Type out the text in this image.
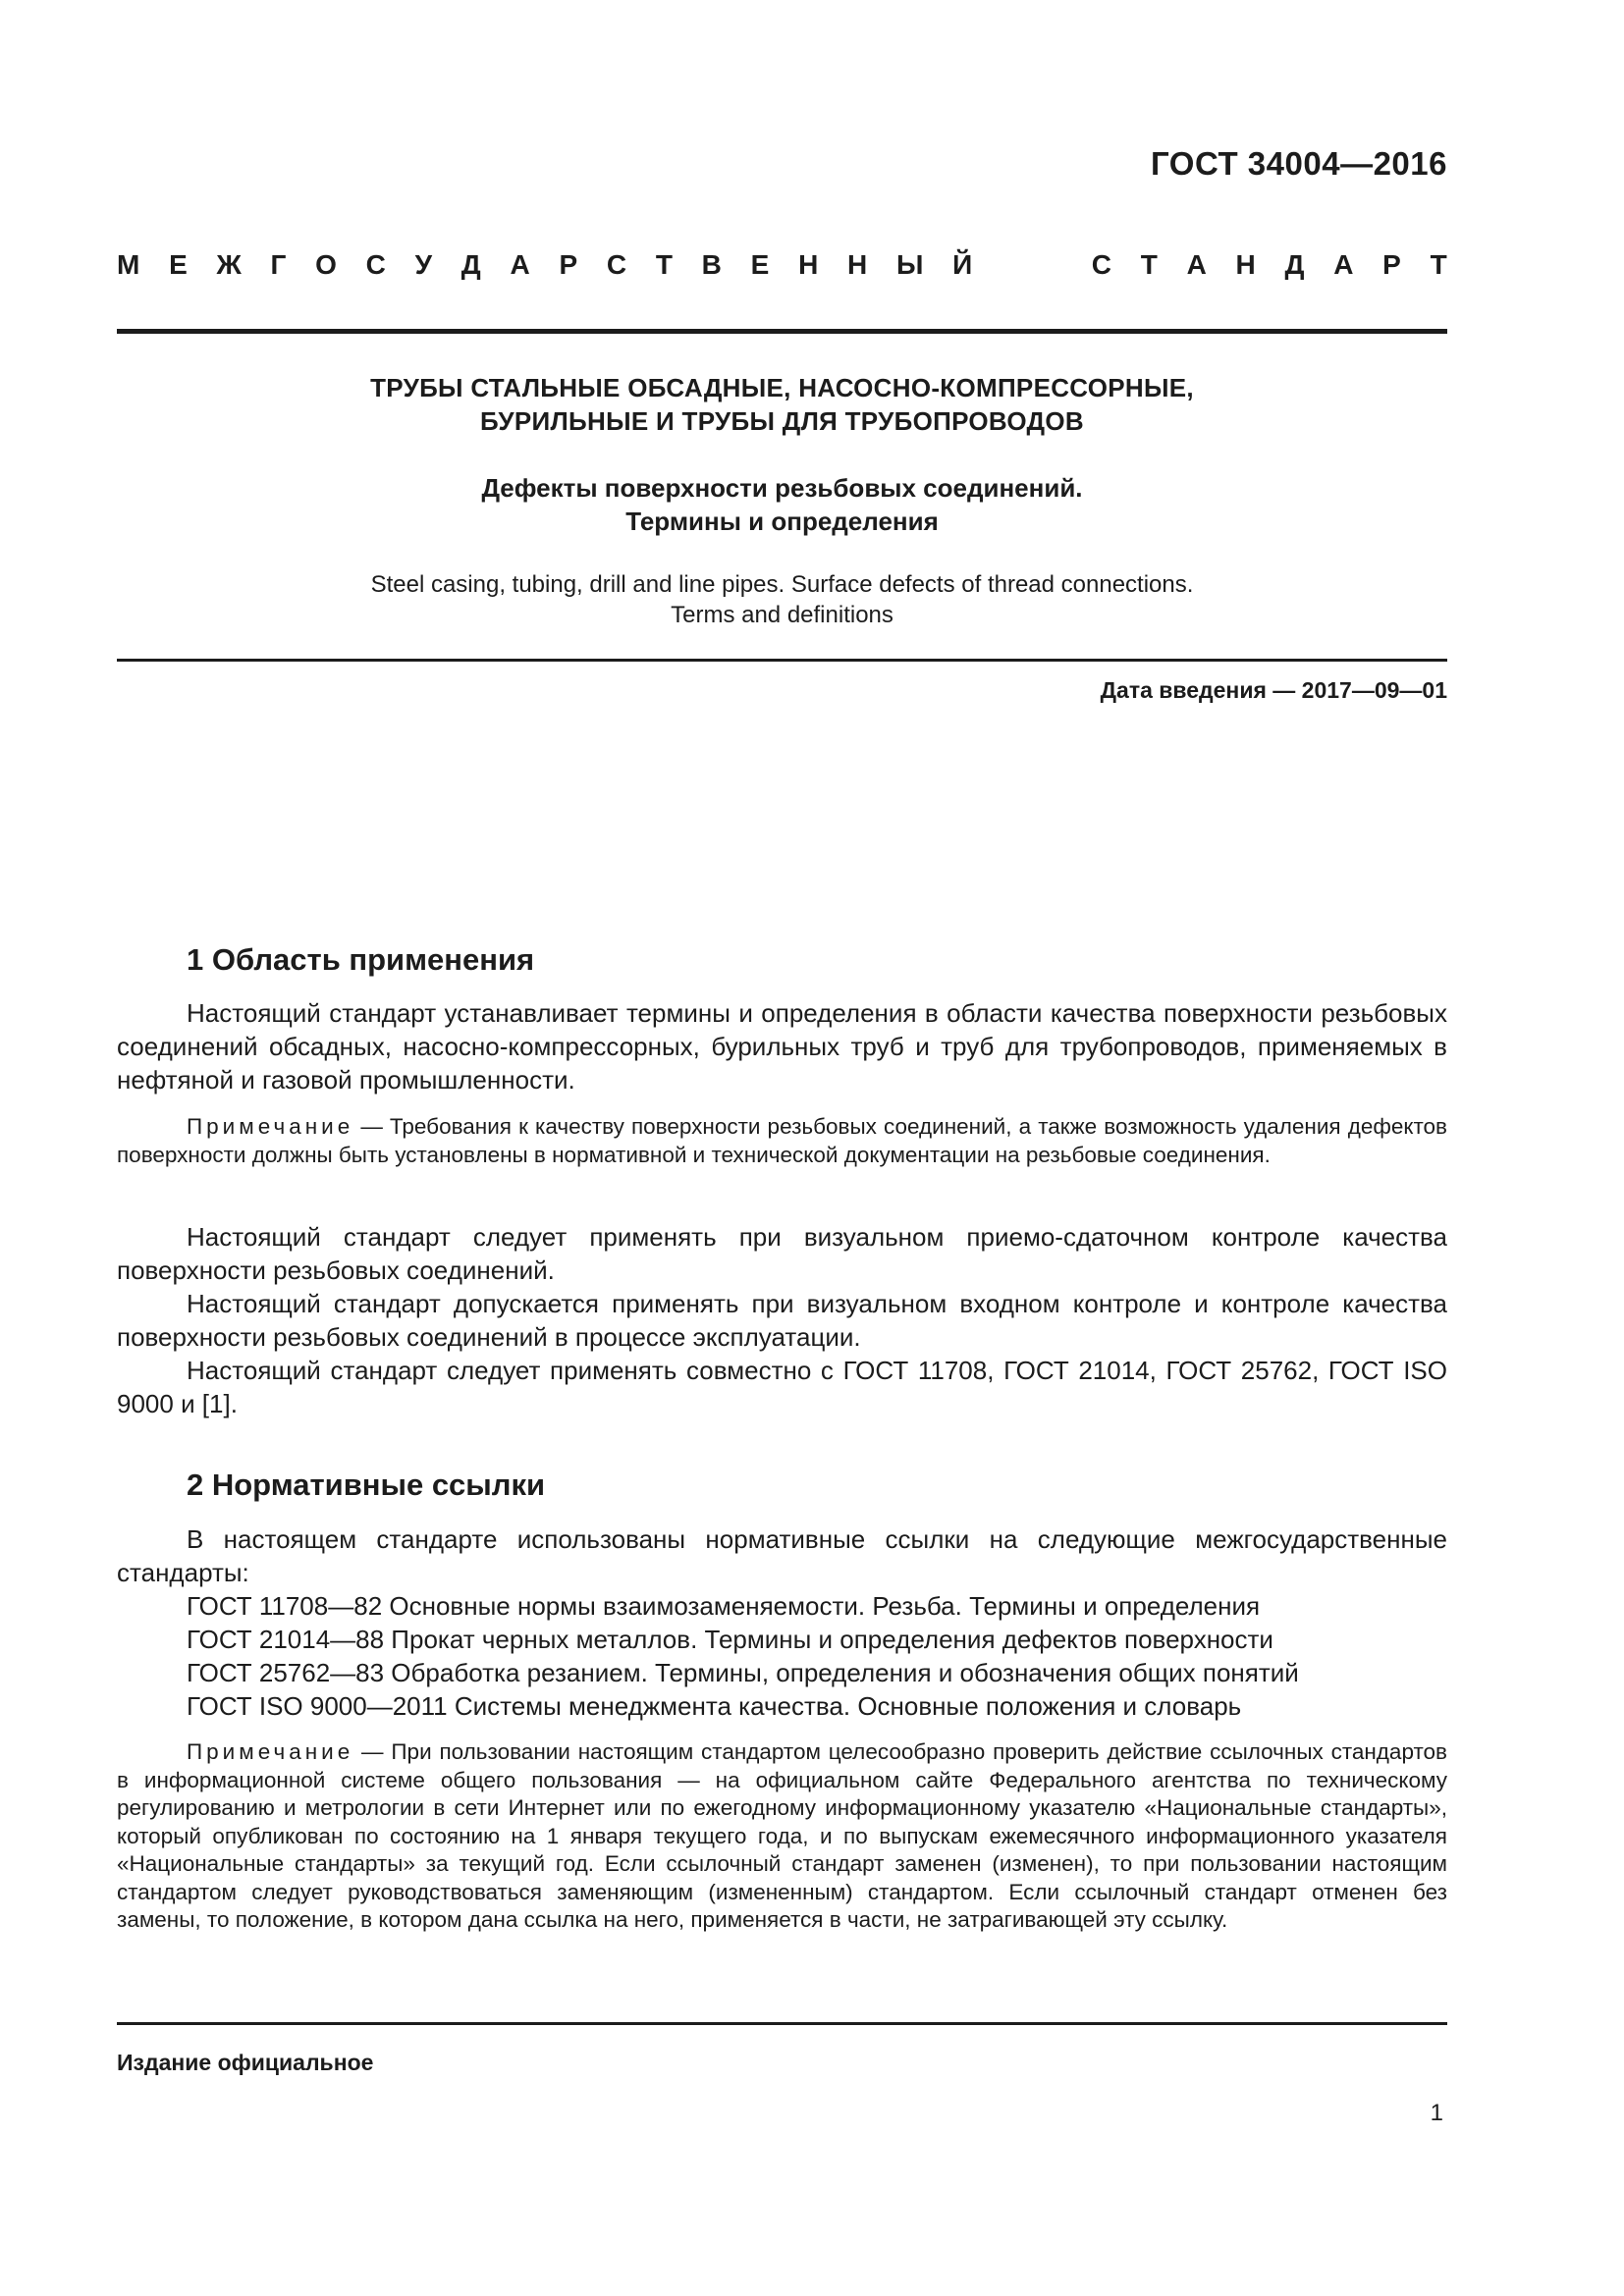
ГОСТ 34004—2016
М Е Ж Г О С У Д А Р С Т В Е Н Н Ы Й	С Т А Н Д А Р Т
ТРУБЫ СТАЛЬНЫЕ ОБСАДНЫЕ, НАСОСНО-КОМПРЕССОРНЫЕ,
БУРИЛЬНЫЕ И ТРУБЫ ДЛЯ ТРУБОПРОВОДОВ
Дефекты поверхности резьбовых соединений.
Термины и определения
Steel casing, tubing, drill and line pipes. Surface defects of thread connections.
Terms and definitions
Дата введения — 2017—09—01
1 Область применения

Настоящий стандарт устанавливает термины и определения в области качества поверхности резьбовых соединений обсадных, насосно-компрессорных, бурильных труб и труб для трубопроводов, применяемых в нефтяной и газовой промышленности.

Примечание — Требования к качеству поверхности резьбовых соединений, а также возможность удаления дефектов поверхности должны быть установлены в нормативной и технической документации на резьбовые соединения.

Настоящий стандарт следует применять при визуальном приемо-сдаточном контроле качества поверхности резьбовых соединений.

Настоящий стандарт допускается применять при визуальном входном контроле и контроле качества поверхности резьбовых соединений в процессе эксплуатации.

Настоящий стандарт следует применять совместно с ГОСТ 11708, ГОСТ 21014, ГОСТ 25762, ГОСТ ISO 9000 и [1].

2 Нормативные ссылки

В настоящем стандарте использованы нормативные ссылки на следующие межгосударственные стандарты:

ГОСТ 11708—82 Основные нормы взаимозаменяемости. Резьба. Термины и определения
ГОСТ 21014—88 Прокат черных металлов. Термины и определения дефектов поверхности
ГОСТ 25762—83 Обработка резанием. Термины, определения и обозначения общих понятий
ГОСТ ISO 9000—2011 Системы менеджмента качества. Основные положения и словарь

Примечание — При пользовании настоящим стандартом целесообразно проверить действие ссылочных стандартов в информационной системе общего пользования — на официальном сайте Федерального агентства по техническому регулированию и метрологии в сети Интернет или по ежегодному информационному указателю «Национальные стандарты», который опубликован по состоянию на 1 января текущего года, и по выпускам ежемесячного информационного указателя «Национальные стандарты» за текущий год. Если ссылочный стандарт заменен (изменен), то при пользовании настоящим стандартом следует руководствоваться заменяющим (измененным) стандартом. Если ссылочный стандарт отменен без замены, то положение, в котором дана ссылка на него, применяется в части, не затрагивающей эту ссылку.

Издание официальное
1
